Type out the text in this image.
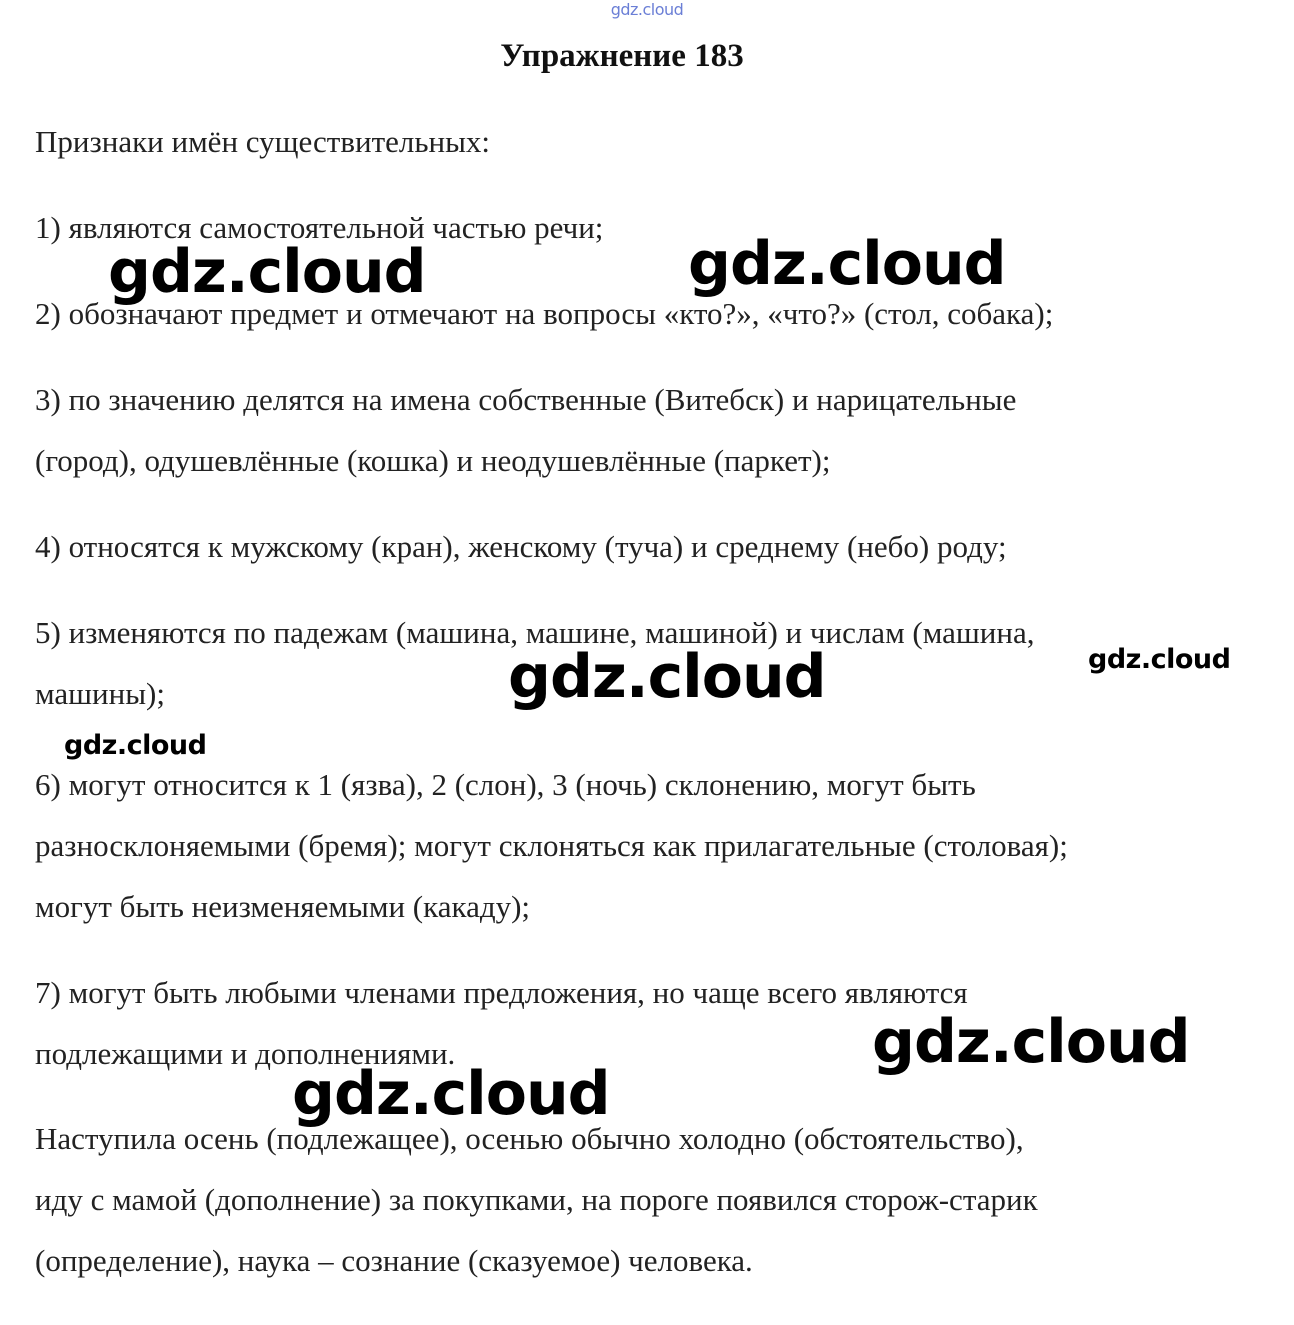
gdz.cloud
Упражнение 183
Признаки имён существительных:
1) являются самостоятельной частью речи;
2) обозначают предмет и отмечают на вопросы «кто?», «что?» (стол, собака);
3) по значению делятся на имена собственные (Витебск) и нарицательные
(город), одушевлённые (кошка) и неодушевлённые (паркет);
4) относятся к мужскому (кран), женскому (туча) и среднему (небо) роду;
5) изменяются по падежам (машина, машине, машиной) и числам (машина,
машины);
6) могут относится к 1 (язва), 2 (слон), 3 (ночь) склонению, могут быть
разносклоняемыми (бремя); могут склоняться как прилагательные (столовая);
могут быть неизменяемыми (какаду);
7) могут быть любыми членами предложения, но чаще всего являются
подлежащими и дополнениями.
Наступила осень (подлежащее), осенью обычно холодно (обстоятельство),
иду с мамой (дополнение) за покупками, на пороге появился сторож-старик
(определение), наука – сознание (сказуемое) человека.
gdz.cloud	gdz.cloud
gdz.cloud	gdz.cloud
gdz.cloud
gdz.cloud
gdz.cloud
